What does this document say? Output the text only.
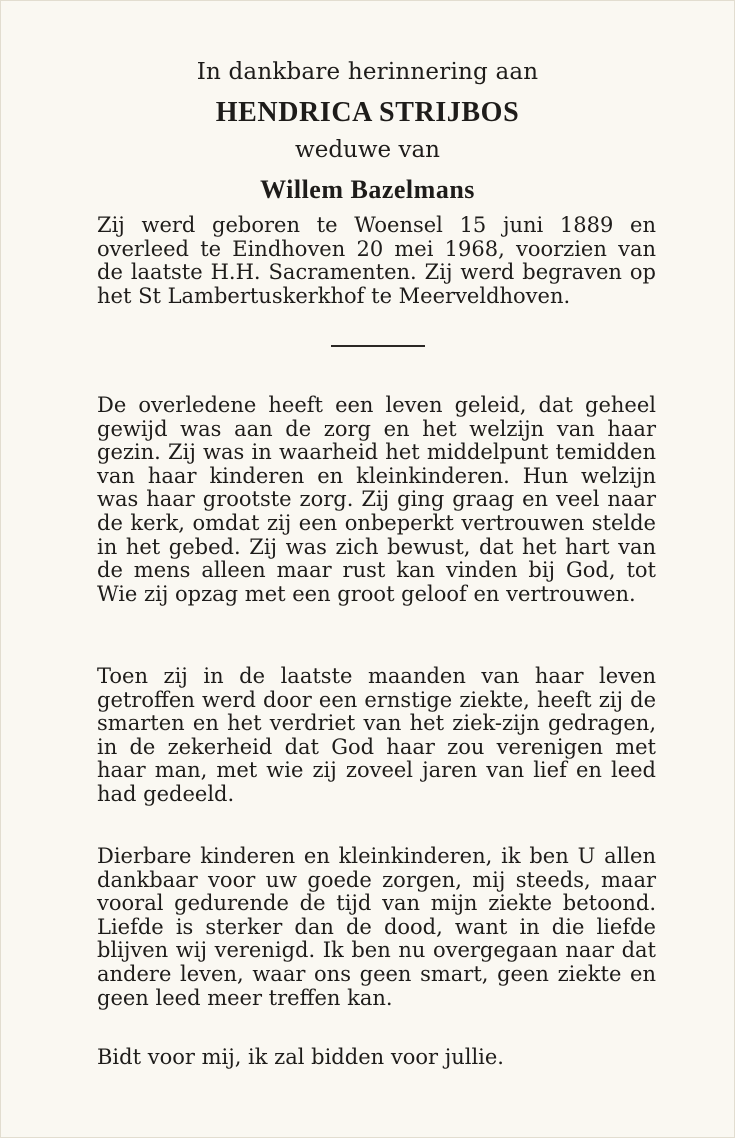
In dankbare herinnering aan
HENDRICA STRIJBOS
weduwe van
Willem Bazelmans
Zij werd geboren te Woensel 15 juni 1889 en overleed te Eindhoven 20 mei 1968, voorzien van de laatste H.H. Sacramenten. Zij werd begraven op het St Lambertuskerkhof te Meerveldhoven.
De overledene heeft een leven geleid, dat geheel gewijd was aan de zorg en het welzijn van haar gezin. Zij was in waarheid het middelpunt temidden van haar kinderen en kleinkinderen. Hun welzijn was haar grootste zorg. Zij ging graag en veel naar de kerk, omdat zij een onbeperkt vertrouwen stelde in het gebed. Zij was zich bewust, dat het hart van de mens alleen maar rust kan vinden bij God, tot Wie zij opzag met een groot geloof en vertrouwen.
Toen zij in de laatste maanden van haar leven getroffen werd door een ernstige ziekte, heeft zij de smarten en het verdriet van het ziek-zijn gedragen, in de zekerheid dat God haar zou verenigen met haar man, met wie zij zoveel jaren van lief en leed had gedeeld.
Dierbare kinderen en kleinkinderen, ik ben U allen dankbaar voor uw goede zorgen, mij steeds, maar vooral gedurende de tijd van mijn ziekte betoond. Liefde is sterker dan de dood, want in die liefde blijven wij verenigd. Ik ben nu overgegaan naar dat andere leven, waar ons geen smart, geen ziekte en geen leed meer treffen kan.
Bidt voor mij, ik zal bidden voor jullie.
